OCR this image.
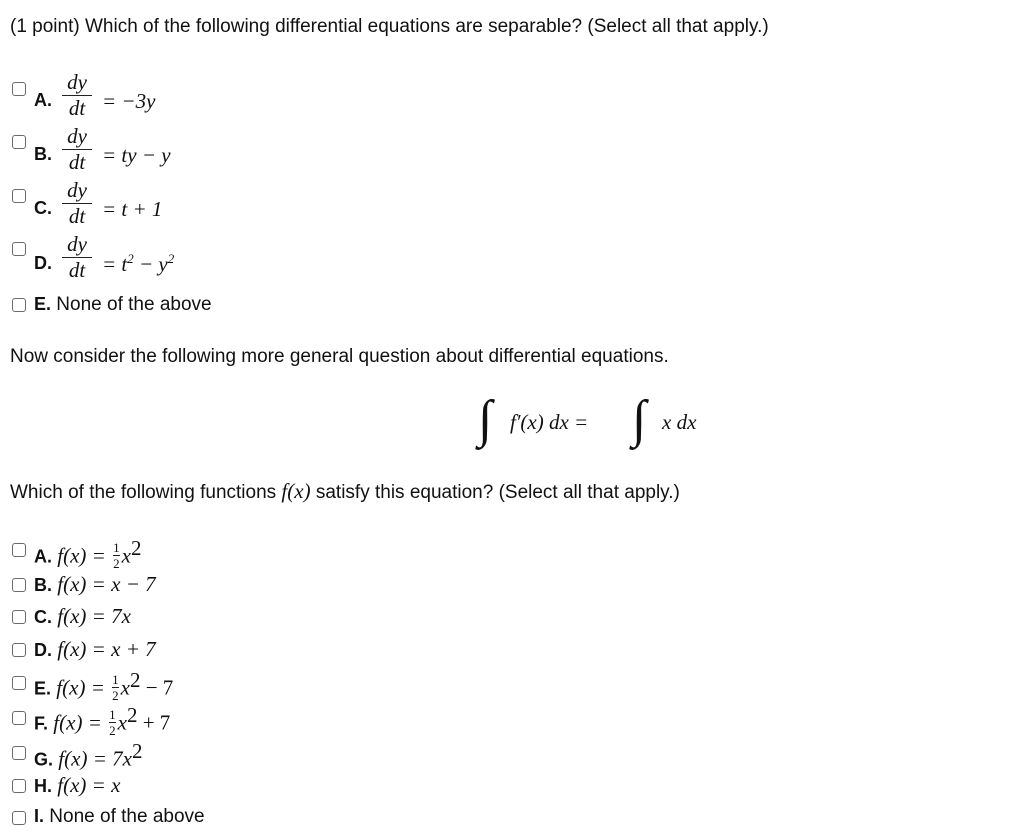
(1 point) Which of the following differential equations are separable? (Select all that apply.)
A.
dy
dt = −3y
B.
dy
dt = ty − y
C.
dy
dt = t + 1
D.
dy
dt = $t^2 - y^2$
E. None of the above
Now consider the following more general question about differential equations.
∫ f′(x) dx = ∫ x dx
Which of the following functions f(x) satisfy this equation? (Select all that apply.)
A. $f(x) = \frac{1}{2}x^2$
B. f(x) = x − 7
C. f(x) = 7x
D. f(x) = x + 7
E. $f(x) = \frac{1}{2}x^2 - 7$
F. $f(x) = \frac{1}{2}x^2 + 7$
G. $f(x) = 7x^2$
H. f(x) = x
I. None of the above
